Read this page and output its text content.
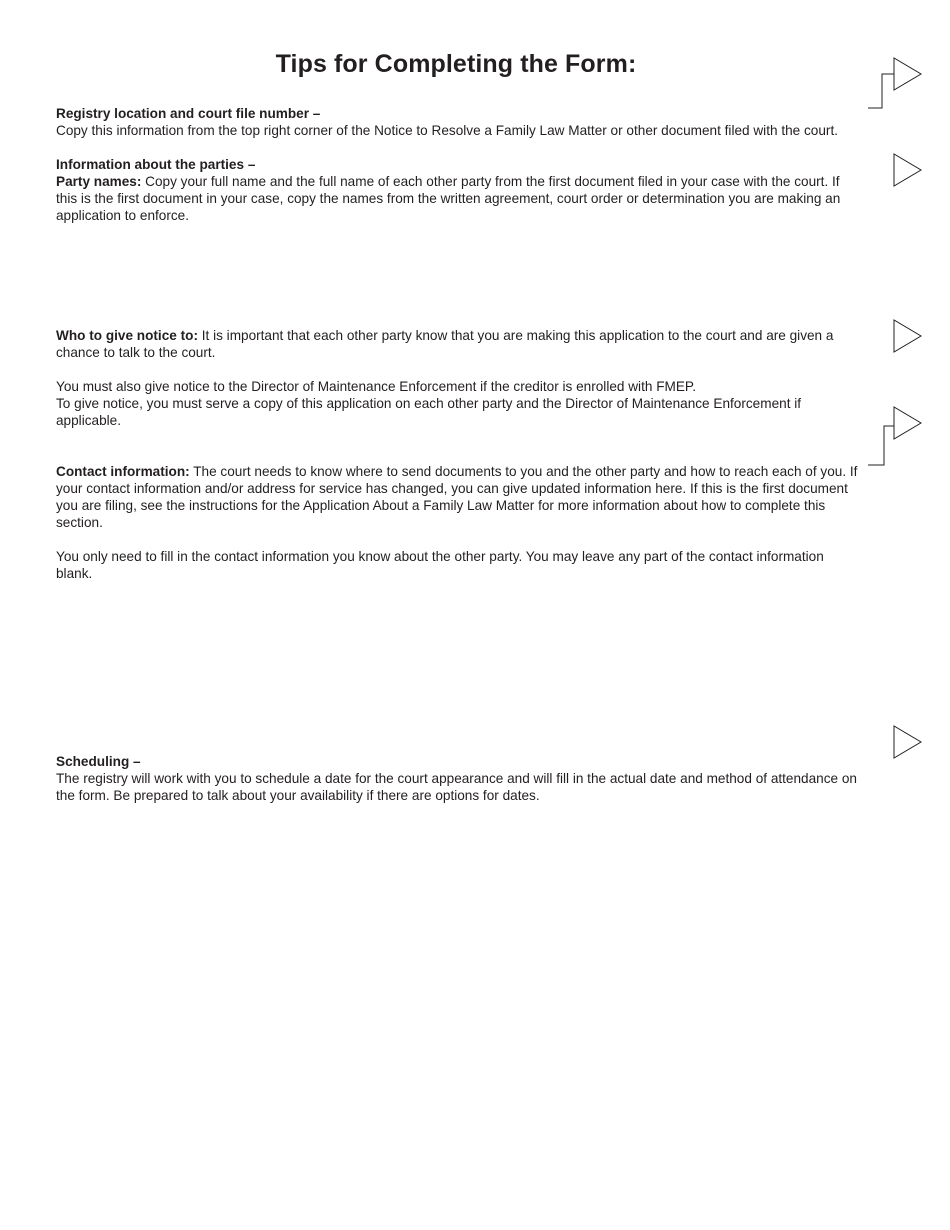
Tips for Completing the Form:

Registry location and court file number –

Copy this information from the top right corner of the Notice to Resolve a Family Law Matter or other document filed with the court.

Information about the parties –

Party names: Copy your full name and the full name of each other party from the first document filed in your case with the court. If this is the first document in your case, copy the names from the written agreement, court order or determination you are making an application to enforce.

Who to give notice to: It is important that each other party know that you are making this application to the court and are given a chance to talk to the court.

You must also give notice to the Director of Maintenance Enforcement if the creditor is enrolled with FMEP.

To give notice, you must serve a copy of this application on each other party and the Director of Maintenance Enforcement if applicable.

Contact information: The court needs to know where to send documents to you and the other party and how to reach each of you. If your contact information and/or address for service has changed, you can give updated information here. If this is the first document you are filing, see the instructions for the Application About a Family Law Matter for more information about how to complete this section.

You only need to fill in the contact information you know about the other party. You may leave any part of the contact information blank.

Scheduling –

The registry will work with you to schedule a date for the court appearance and will fill in the actual date and method of attendance on the form. Be prepared to talk about your availability if there are options for dates.
